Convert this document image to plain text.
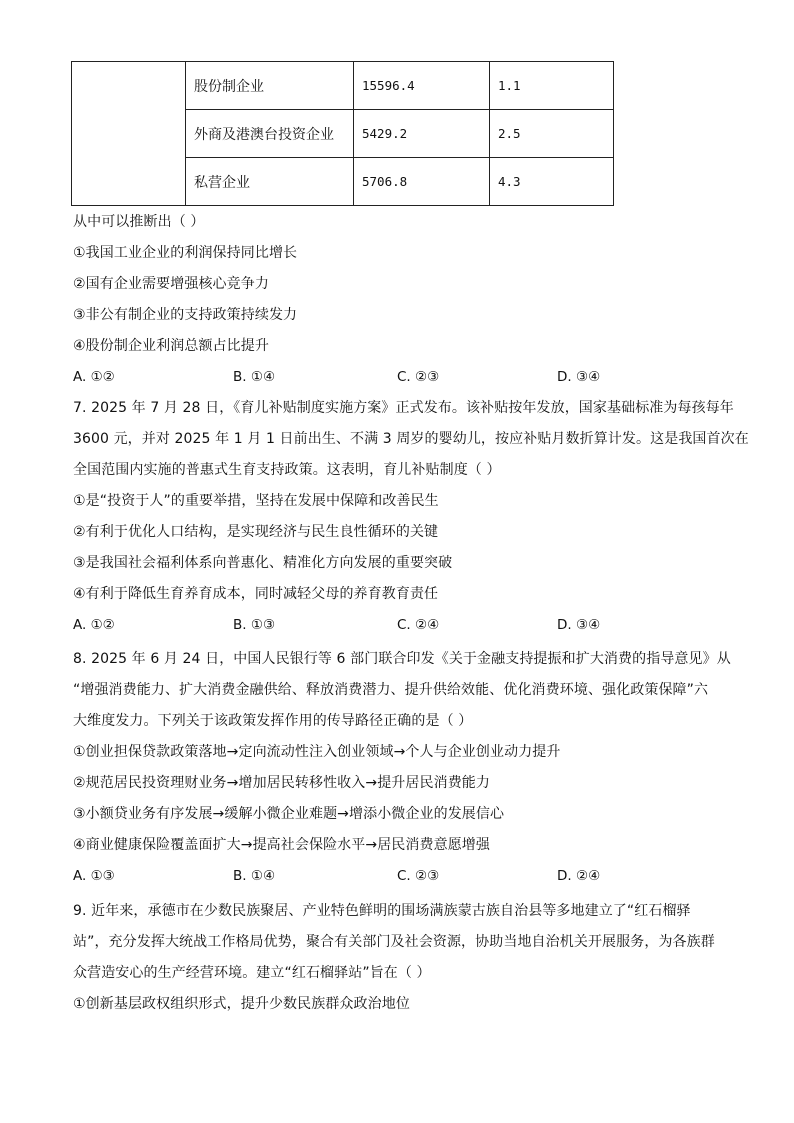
	股份制企业	15596.4	1.1
	外商及港澳台投资企业	5429.2	2.5
	私营企业	5706.8	4.3
从中可以推断出（ ）
①我国工业企业的利润保持同比增长
②国有企业需要增强核心竞争力
③非公有制企业的支持政策持续发力
④股份制企业利润总额占比提升
A. ①②	B. ①④	C. ②③	D. ③④
7. 2025 年 7 月 28 日，《育儿补贴制度实施方案》正式发布。该补贴按年发放，国家基础标准为每孩每年
3600 元，并对 2025 年 1 月 1 日前出生、不满 3 周岁的婴幼儿，按应补贴月数折算计发。这是我国首次在
全国范围内实施的普惠式生育支持政策。这表明，育儿补贴制度（ ）
①是“投资于人”的重要举措，坚持在发展中保障和改善民生
②有利于优化人口结构，是实现经济与民生良性循环的关键
③是我国社会福利体系向普惠化、精准化方向发展的重要突破
④有利于降低生育养育成本，同时减轻父母的养育教育责任
A. ①②	B. ①③	C. ②④	D. ③④
8. 2025 年 6 月 24 日，中国人民银行等 6 部门联合印发《关于金融支持提振和扩大消费的指导意见》从
“增强消费能力、扩大消费金融供给、释放消费潜力、提升供给效能、优化消费环境、强化政策保障”六
大维度发力。下列关于该政策发挥作用的传导路径正确的是（ ）
①创业担保贷款政策落地→定向流动性注入创业领域→个人与企业创业动力提升
②规范居民投资理财业务→增加居民转移性收入→提升居民消费能力
③小额贷业务有序发展→缓解小微企业难题→增添小微企业的发展信心
④商业健康保险覆盖面扩大→提高社会保险水平→居民消费意愿增强
A. ①③	B. ①④	C. ②③	D. ②④
9. 近年来，承德市在少数民族聚居、产业特色鲜明的围场满族蒙古族自治县等多地建立了“红石榴驿
站”，充分发挥大统战工作格局优势，聚合有关部门及社会资源，协助当地自治机关开展服务，为各族群
众营造安心的生产经营环境。建立“红石榴驿站”旨在（ ）
①创新基层政权组织形式，提升少数民族群众政治地位
